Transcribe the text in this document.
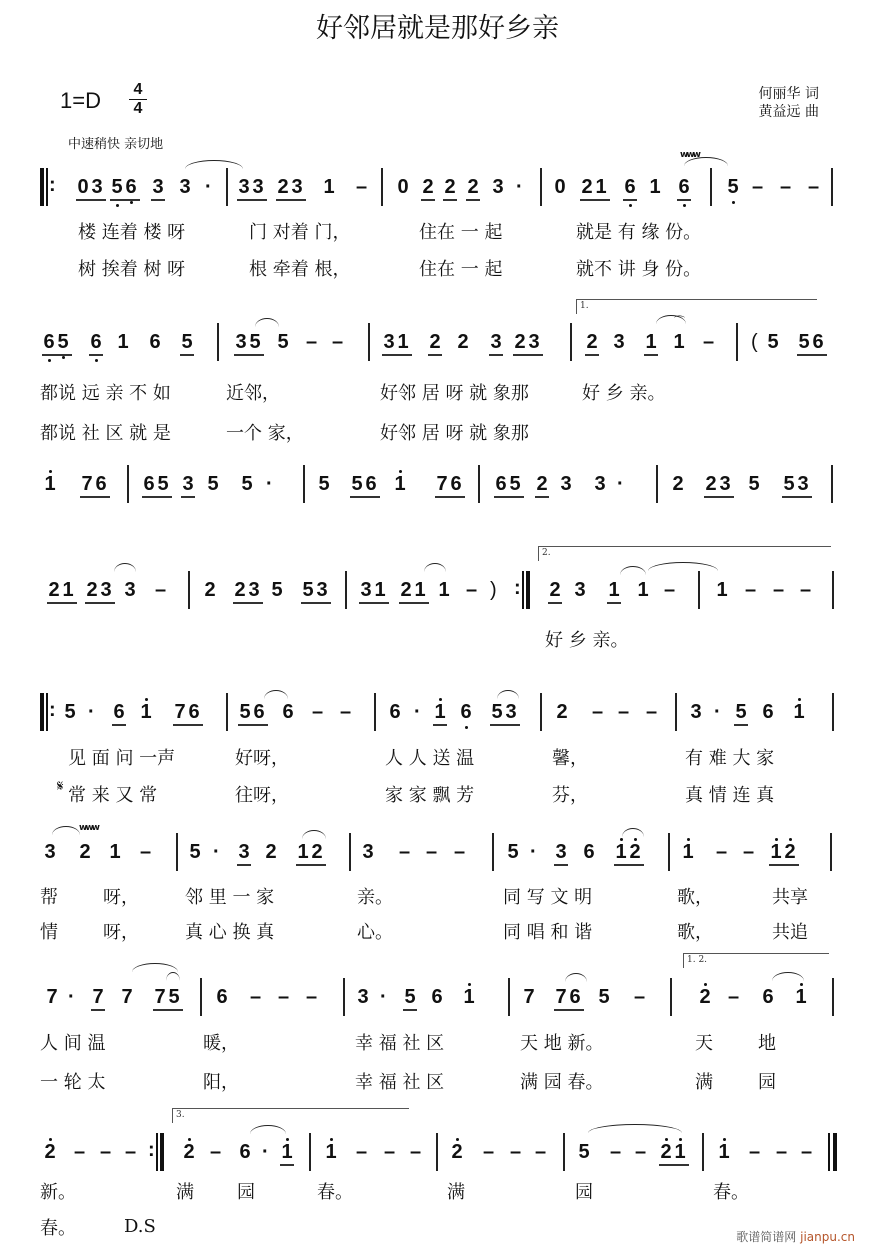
好邻居就是那好乡亲
1=D 4
4
中速稍快 亲切地
何丽华 词
黄益远 曲
: 0 3 5 6 3 3 · 3 3 2 3 1 – 0 2 2 2 3 · 0 2 1 6 1 6
www
5 – – –
楼 连着 楼 呀	门 对着 门，	住在 一 起	就是 有 缘 份。
树 挨着 树 呀	根 牵着 根，	住在 一 起	就不 讲 身 份。
6 5 6 1 6 5 3 5 5 – – 3 1 2 2 3 2 3
1.
2 3 1 1
⌒
– ( 5 5 6
都说 远 亲 不 如	近邻，	好邻 居 呀 就 象那	好 乡 亲。
都说 社 区 就 是	一个 家，	好邻 居 呀 就 象那
1 7 6 6 5 3 5 5 · 5 5 6 1 7 6 6 5 2 3 3 · 2 2 3 5 5 3
2 1 2 3 3 – 2 2 3 5 5 3 3 1 2 1 1 – ) :
2.
2 3 1 1 – 1 – – –
好 乡 亲。
: 5 · 6 1 7 6 5 6 6 – – 6 · 1 6 5 3 2 – – – 3 · 5 6 1
𝄋
见 面 问 一声	好呀，	人 人 送 温	馨，	有 难 大 家
常 来 又 常	往呀，	家 家 飘 芳	芬，	真 情 连 真
3
www
2 1 – 5 · 3 2 1 2 3 – – – 5 · 3 6 1 2 1 – – 1 2
帮	呀，	邻 里 一 家	亲。	同 写 文 明	歌，	共享
情	呀，	真 心 换 真	心。	同 唱 和 谐	歌，	共追
7 · 7 7 7 5 6 – – – 3 · 5 6 1 7 7 6 5 –
1. 2.
2 – 6 1
人 间 温	暖，	幸 福 社 区	天 地 新。	天	地
一 轮 太	阳，	幸 福 社 区	满 园 春。	满	园
2 – – – :
3.
2 – 6 · 1 1 – – – 2 – – – 5 – – 2 1 1 – – –
新。	满 园	春。	满	园	春。
春。	D.S	歌谱简谱网 jianpu.cn
